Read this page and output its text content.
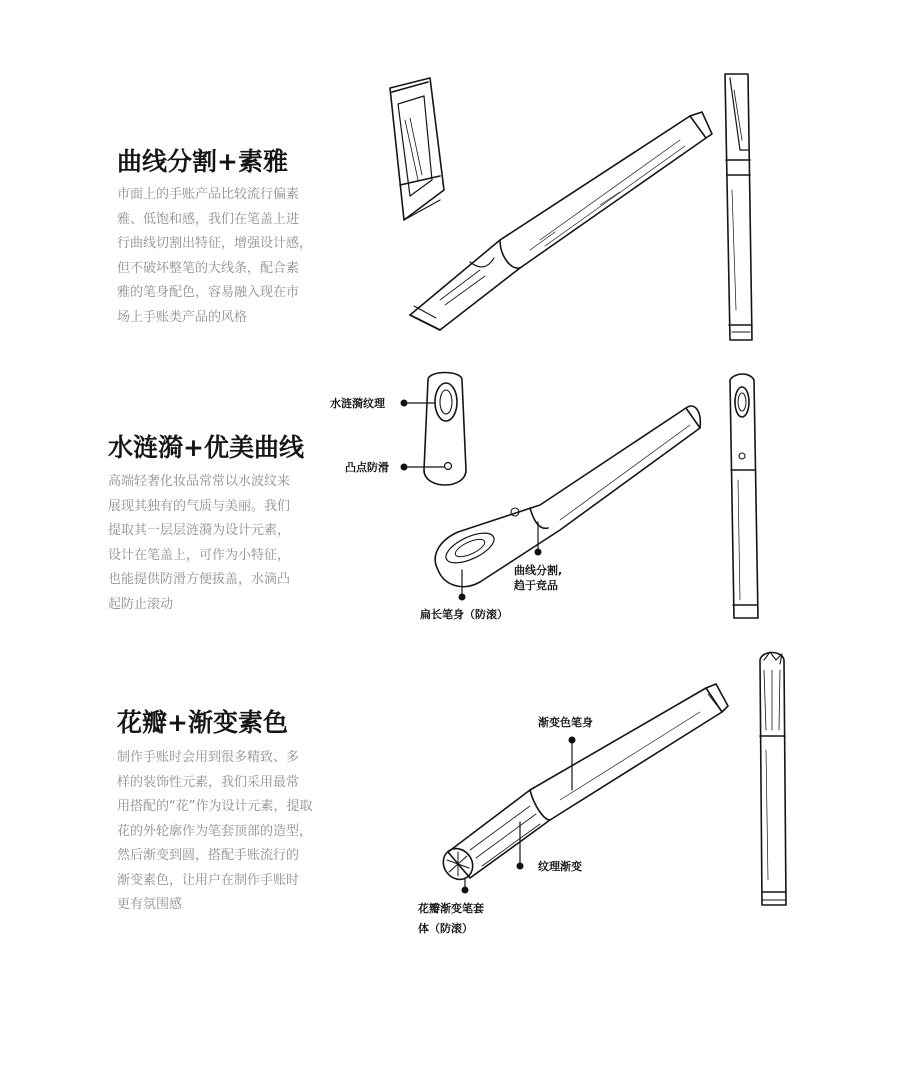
曲线分割+素雅
市面上的手账产品比较流行偏素
雅、低饱和感，我们在笔盖上进
行曲线切割出特征，增强设计感，
但不破坏整笔的大线条，配合素
雅的笔身配色，容易融入现在市
场上手账类产品的风格
水涟漪+优美曲线
高端轻奢化妆品常常以水波纹来
展现其独有的气质与美丽。我们
提取其一层层涟漪为设计元素，
设计在笔盖上，可作为小特征，
也能提供防滑方便拔盖，水滴凸
起防止滚动
水涟漪纹理
凸点防滑
曲线分割,
趋于竞品
扁长笔身（防滚）
花瓣+渐变素色
制作手账时会用到很多精致、多
样的装饰性元素，我们采用最常
用搭配的“花”作为设计元素，提取
花的外轮廓作为笔套顶部的造型，
然后渐变到圆，搭配手账流行的
渐变素色，让用户在制作手账时
更有氛围感
渐变色笔身
纹理渐变
花瓣渐变笔套
体（防滚）
